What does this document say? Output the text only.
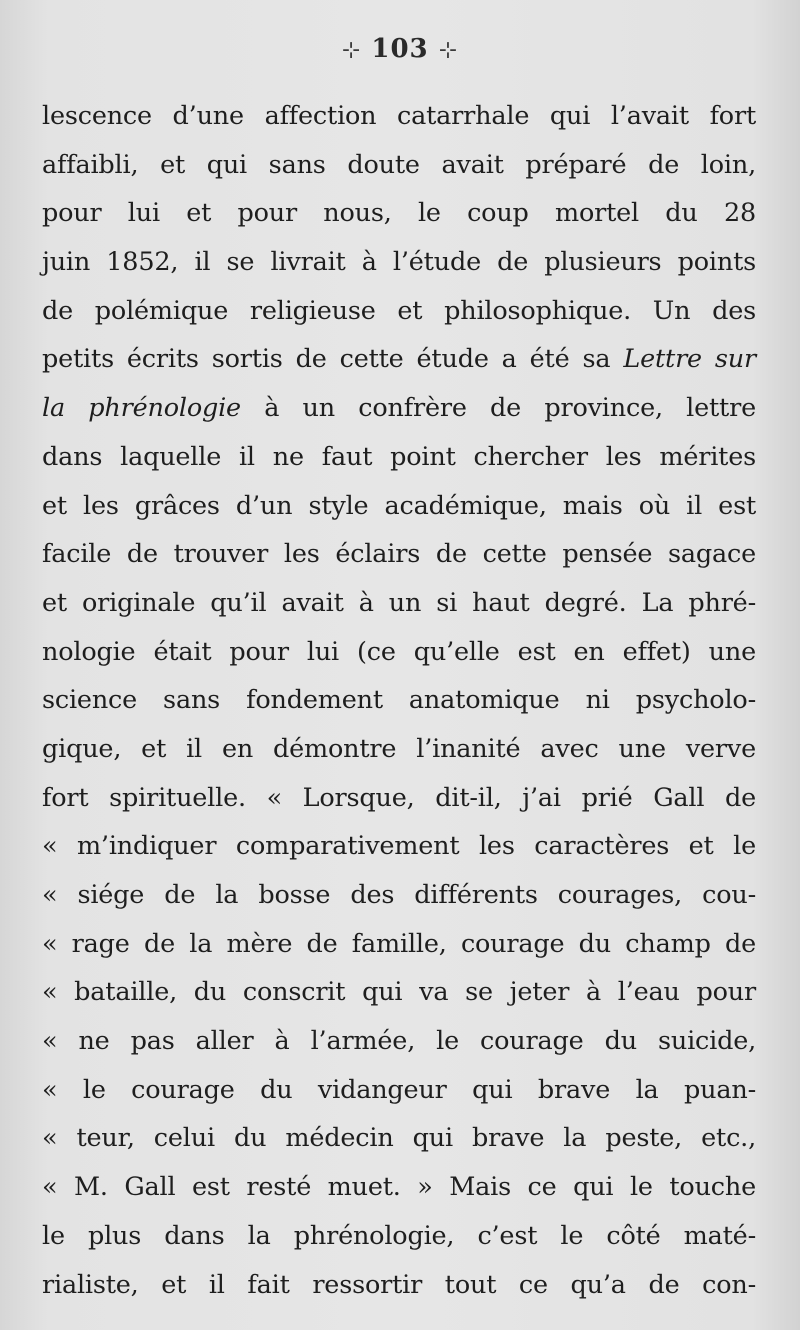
⊹ 103 ⊹
lescence d’une affection catarrhale qui l’avait fort
affaibli, et qui sans doute avait préparé de loin,
pour lui et pour nous, le coup mortel du 28
juin 1852, il se livrait à l’étude de plusieurs points
de polémique religieuse et philosophique. Un des
petits écrits sortis de cette étude a été sa Lettre sur
la phrénologie à un confrère de province, lettre
dans laquelle il ne faut point chercher les mérites
et les grâces d’un style académique, mais où il est
facile de trouver les éclairs de cette pensée sagace
et originale qu’il avait à un si haut degré. La phré-
nologie était pour lui (ce qu’elle est en effet) une
science sans fondement anatomique ni psycholo-
gique, et il en démontre l’inanité avec une verve
fort spirituelle. « Lorsque, dit-il, j’ai prié Gall de
« m’indiquer comparativement les caractères et le
« siége de la bosse des différents courages, cou-
« rage de la mère de famille, courage du champ de
« bataille, du conscrit qui va se jeter à l’eau pour
« ne pas aller à l’armée, le courage du suicide,
« le courage du vidangeur qui brave la puan-
« teur, celui du médecin qui brave la peste, etc.,
« M. Gall est resté muet. » Mais ce qui le touche
le plus dans la phrénologie, c’est le côté maté-
rialiste, et il fait ressortir tout ce qu’a de con-
